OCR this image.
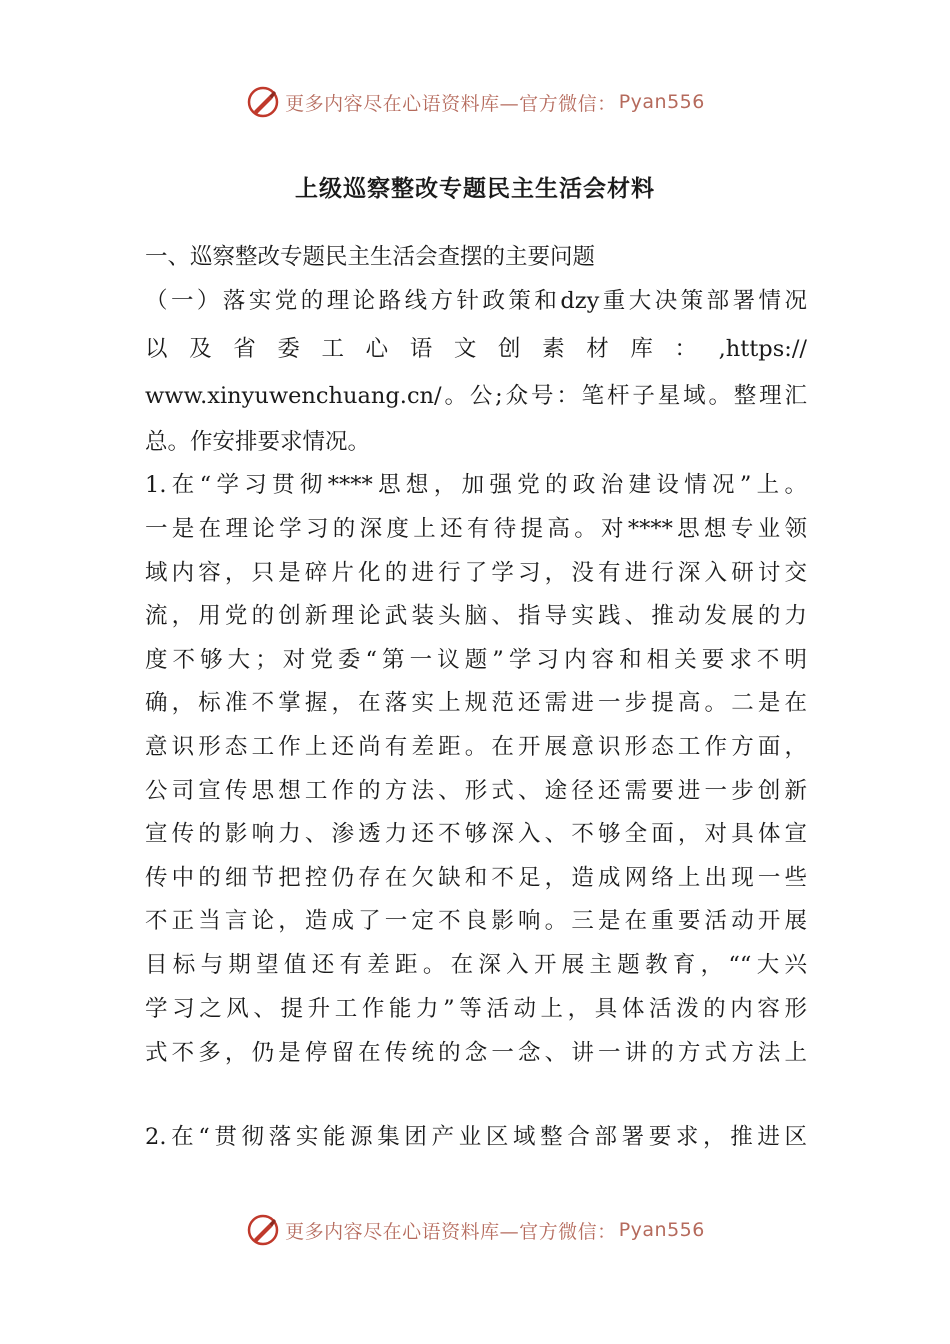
更多内容尽在心语资料库— 官方微信： Pyan556
上级巡察整改专题民主生活会材料
一、巡察整改专题民主生活会查摆的主要问题
（一）落实党的理论路线方针政策和dzy重大决策部署情况
以及省委工心语文创素材库：,https://
www.xinyuwenchuang.cn/。公;众号：笔杆子星域。整理汇
总。作安排要求情况。
1.在“学习贯彻****思想，加强党的政治建设情况”上。
一是在理论学习的深度上还有待提高。对****思想专业领
域内容，只是碎片化的进行了学习，没有进行深入研讨交
流，用党的创新理论武装头脑、指导实践、推动发展的力
度不够大；对党委“第一议题”学习内容和相关要求不明
确，标准不掌握，在落实上规范还需进一步提高。二是在
意识形态工作上还尚有差距。在开展意识形态工作方面，
公司宣传思想工作的方法、形式、途径还需要进一步创新
宣传的影响力、渗透力还不够深入、不够全面，对具体宣
传中的细节把控仍存在欠缺和不足，造成网络上出现一些
不正当言论，造成了一定不良影响。三是在重要活动开展
目标与期望值还有差距。在深入开展主题教育，““大兴
学习之风、提升工作能力”等活动上，具体活泼的内容形
式不多，仍是停留在传统的念一念、讲一讲的方式方法上
2.在“贯彻落实能源集团产业区域整合部署要求，推进区
更多内容尽在心语资料库— 官方微信： Pyan556
